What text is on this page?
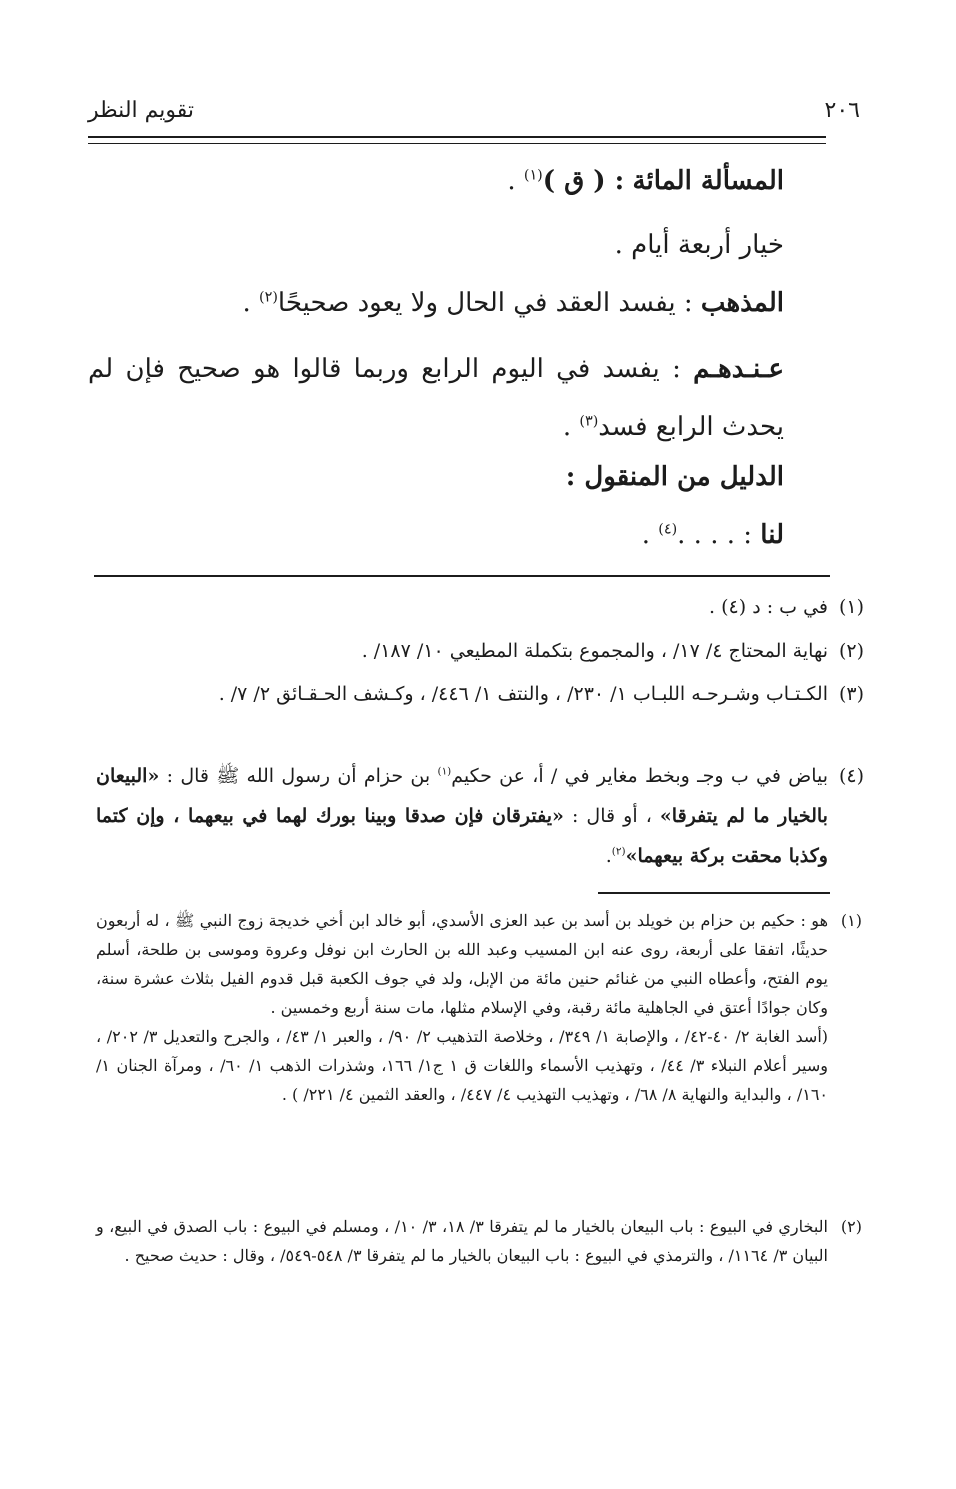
٢٠٦
تقويم النظر
المسألة المائة : ( ق )$^{(١)}$ .
خيار أربعة أيام .
المذهب : يفسد العقد في الحال ولا يعود صحيحًا$^{(٢)}$ .
عـنـدهـم : يفسد في اليوم الرابع وربما قالوا هو صحيح فإن لم يحدث الرابع فسد$^{(٣)}$ .
الدليل من المنقول :
لنا : . . . .$^{(٤)}$ .
(١)
في ب : د (٤) .
(٢)
نهاية المحتاج ٤/ ١٧/ ، والمجموع بتكملة المطيعي ١٠/ ١٨٧/ .
(٣)
الكـتـاب وشـرحـه اللبـاب ١/ ٢٣٠/ ، والنتف ١/ ٤٤٦/ ، وكـشف الحـقـائق ٢/ ٧/ .
(٤)
بياض في ب وجـ وبخط مغاير في / أ، عن حكيم$^{(١)}$ بن حزام أن رسول الله ﷺ قال : «البيعان بالخيار ما لم يتفرقا» ، أو قال : «يفترقان فإن صدقا وبينا بورك لهما في بيعهما ، وإن كتما وكذبا محقت بركة بيعهما»$^{(٢)}$.
(١)
هو : حكيم بن حزام بن خويلد بن أسد بن عبد العزى الأسدي، أبو خالد ابن أخي خديجة زوج النبي ﷺ ، له أربعون حديثًا، اتفقا على أربعة، روى عنه ابن المسيب وعبد الله بن الحارث ابن نوفل وعروة وموسى بن طلحة، أسلم يوم الفتح، وأعطاه النبي من غنائم حنين مائة من الإبل، ولد في جوف الكعبة قبل قدوم الفيل بثلاث عشرة سنة، وكان جوادًا أعتق في الجاهلية مائة رقبة، وفي الإسلام مثلها، مات سنة أربع وخمسين .
(أسد الغابة ٢/ ٤٠-٤٢/ ، والإصابة ١/ ٣٤٩/ ، وخلاصة التذهيب ٢/ ٩٠/ ، والعبر ١/ ٤٣/ ، والجرح والتعديل ٣/ ٢٠٢/ ، وسير أعلام النبلاء ٣/ ٤٤/ ، وتهذيب الأسماء واللغات ق ١ ج١/ ١٦٦، وشذرات الذهب ١/ ٦٠/ ، ومرآة الجنان ١/ ١٦٠/ ، والبداية والنهاية ٨/ ٦٨/ ، وتهذيب التهذيب ٤/ ٤٤٧/ ، والعقد الثمين ٤/ ٢٢١/ ) .
(٢)
البخاري في البيوع : باب البيعان بالخيار ما لم يتفرقا ٣/ ١٨، ٣/ ١٠/ ، ومسلم في البيوع : باب الصدق في البيع، و البيان ٣/ ١١٦٤/ ، والترمذي في البيوع : باب البيعان بالخيار ما لم يتفرقا ٣/ ٥٤٨-٥٤٩/ ، وقال : حديث صحيح .
